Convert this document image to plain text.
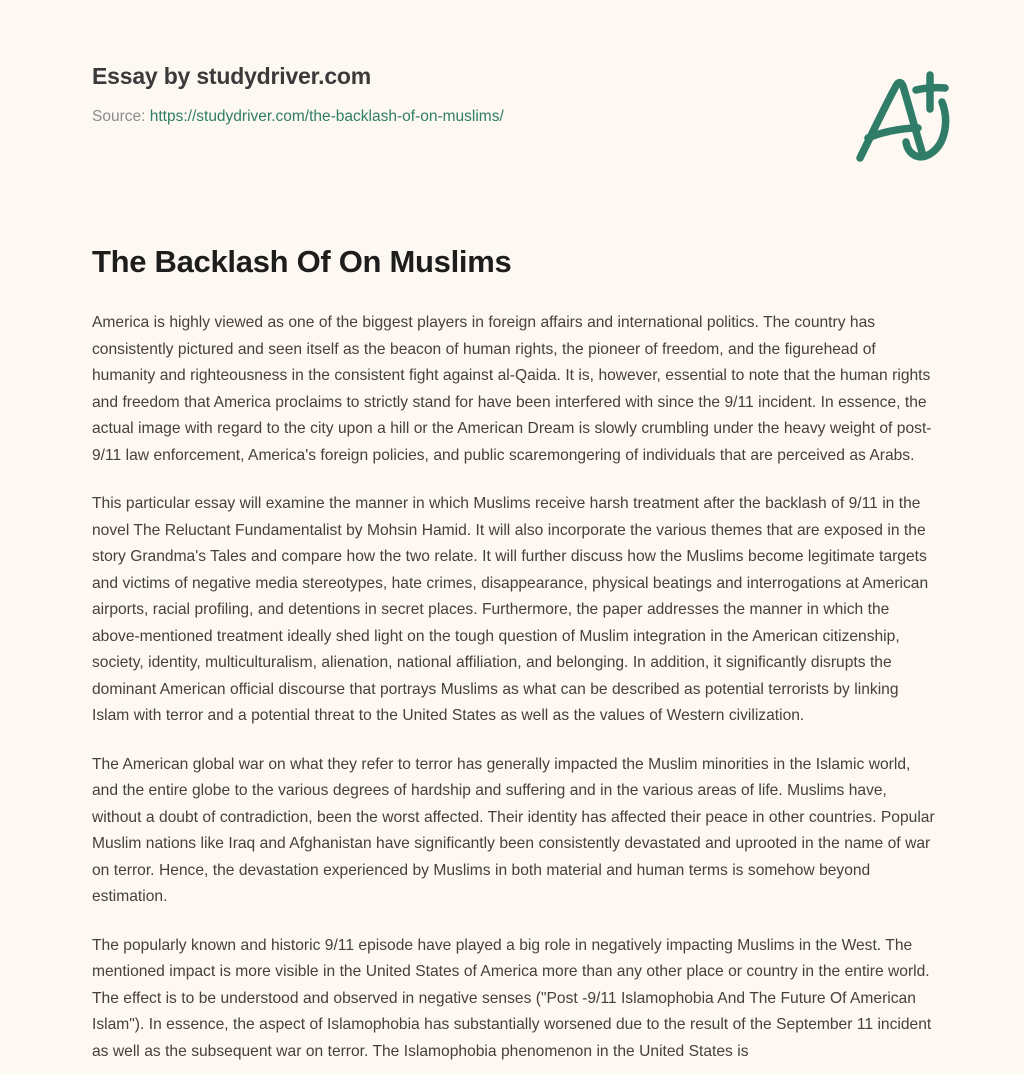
Essay by studydriver.com
Source: https://studydriver.com/the-backlash-of-on-muslims/
The Backlash Of On Muslims

America is highly viewed as one of the biggest players in foreign affairs and international politics. The country has consistently pictured and seen itself as the beacon of human rights, the pioneer of freedom, and the figurehead of humanity and righteousness in the consistent fight against al-Qaida. It is, however, essential to note that the human rights and freedom that America proclaims to strictly stand for have been interfered with since the 9/11 incident. In essence, the actual image with regard to the city upon a hill or the American Dream is slowly crumbling under the heavy weight of post-9/11 law enforcement, America's foreign policies, and public scaremongering of individuals that are perceived as Arabs.

This particular essay will examine the manner in which Muslims receive harsh treatment after the backlash of 9/11 in the novel The Reluctant Fundamentalist by Mohsin Hamid. It will also incorporate the various themes that are exposed in the story Grandma's Tales and compare how the two relate. It will further discuss how the Muslims become legitimate targets and victims of negative media stereotypes, hate crimes, disappearance, physical beatings and interrogations at American airports, racial profiling, and detentions in secret places. Furthermore, the paper addresses the manner in which the above-mentioned treatment ideally shed light on the tough question of Muslim integration in the American citizenship, society, identity, multiculturalism, alienation, national affiliation, and belonging. In addition, it significantly disrupts the dominant American official discourse that portrays Muslims as what can be described as potential terrorists by linking Islam with terror and a potential threat to the United States as well as the values of Western civilization.

The American global war on what they refer to terror has generally impacted the Muslim minorities in the Islamic world, and the entire globe to the various degrees of hardship and suffering and in the various areas of life. Muslims have, without a doubt of contradiction, been the worst affected. Their identity has affected their peace in other countries. Popular Muslim nations like Iraq and Afghanistan have significantly been consistently devastated and uprooted in the name of war on terror. Hence, the devastation experienced by Muslims in both material and human terms is somehow beyond estimation.

The popularly known and historic 9/11 episode have played a big role in negatively impacting Muslims in the West. The mentioned impact is more visible in the United States of America more than any other place or country in the entire world. The effect is to be understood and observed in negative senses ("Post -9/11 Islamophobia And The Future Of American Islam"). In essence, the aspect of Islamophobia has substantially worsened due to the result of the September 11 incident as well as the subsequent war on terror. The Islamophobia phenomenon in the United States is
